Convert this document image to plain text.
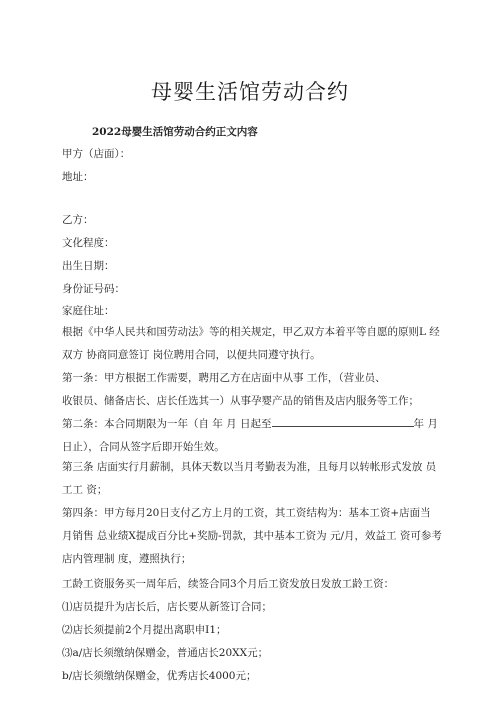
母婴生活馆劳动合约
2022母婴生活馆劳动合约正文内容
甲方（店面）：
地址：
乙方：
文化程度：
出生日期：
身份证号码：
家庭住址：
根据《中华人民共和国劳动法》等的相关规定，甲乙双方本着平等自愿的原则L 经双方 协商同意签订 岗位聘用合同，以便共同遵守执行。
第一条：甲方根据工作需要，聘用乙方在店面中从事 工作，（营业员、
收银员、储备店长、店长任选其一）从事孕婴产品的销售及店内服务等工作；
第二条：本合同期限为一年（自 年 月 日起至	年 月
日止），合同从签字后即开始生效。
第三条 店面实行月薪制，具体天数以当月考勤表为准，且每月以转帐形式发放 员工工 资；
第四条：甲方每月20日支付乙方上月的工资，其工资结构为：基本工资+店面当 月销售 总业绩X提成百分比+奖励-罚款，其中基本工资为 元/月，效益工 资可参考店内管理制 度，遵照执行；
工龄工资服务买一周年后，续签合同3个月后工资发放日发放工龄工资：
⑴店员提升为店长后，店长要从新签订合同；
⑵店长须提前2个月提出离职申I1；
⑶a/店长须缴纳保赠金，普通店长20XX元；
b/店长须缴纳保赠金，优秀店长4000元；
